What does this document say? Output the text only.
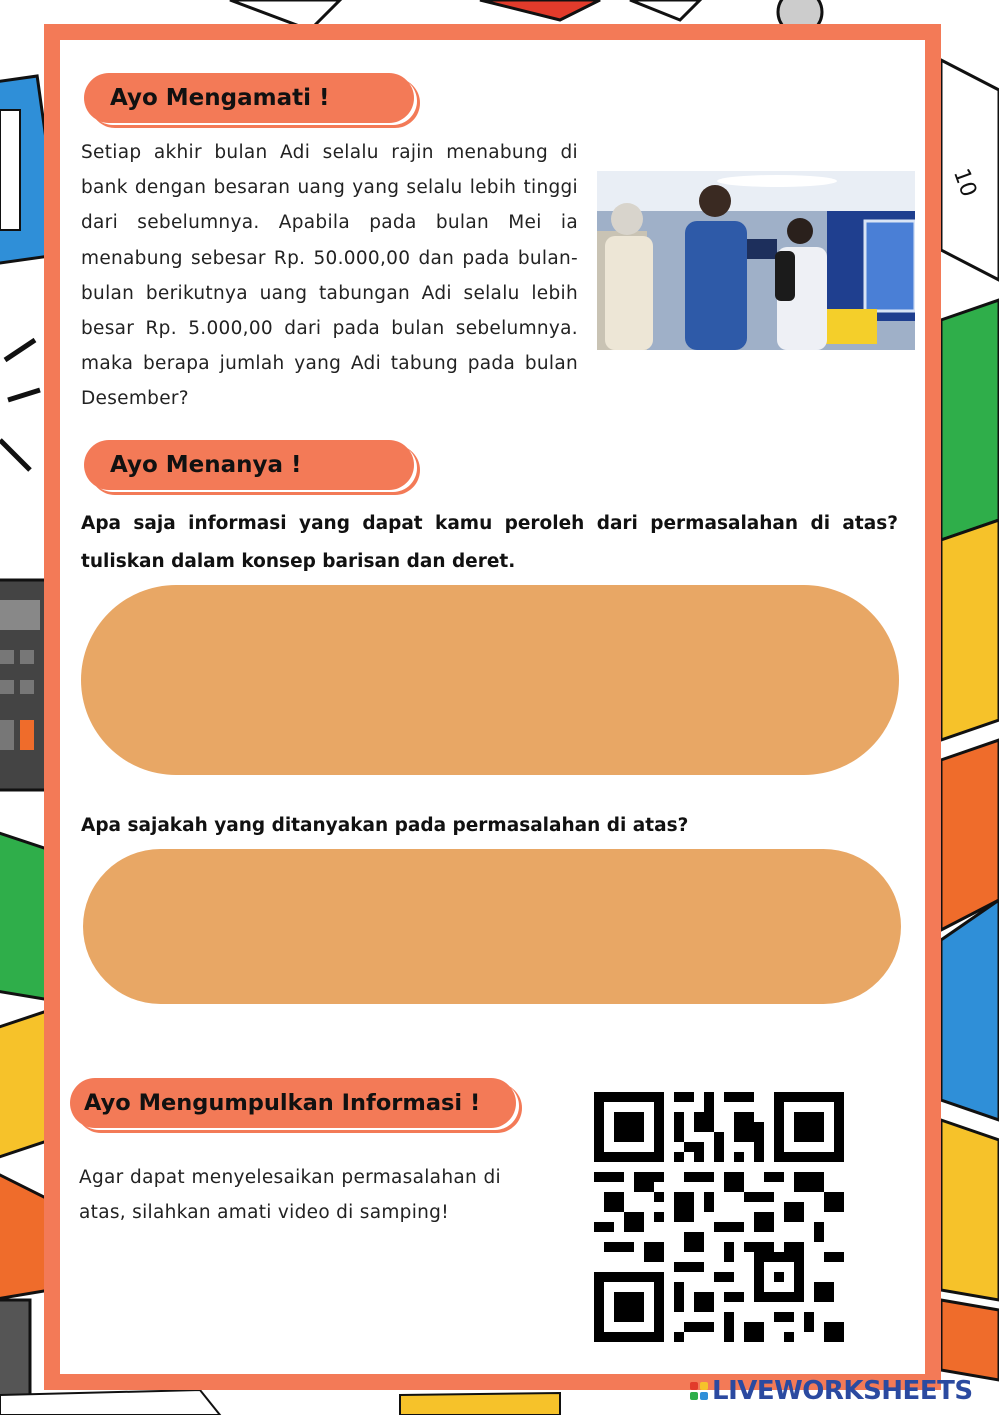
10
Ayo Mengamati !
Setiap akhir bulan Adi selalu rajin menabung di bank dengan besaran uang yang selalu lebih tinggi dari sebelumnya. Apabila pada bulan Mei ia menabung sebesar Rp. 50.000,00 dan pada bulan-bulan berikutnya uang tabungan Adi selalu lebih besar Rp. 5.000,00 dari pada bulan sebelumnya. maka berapa jumlah yang Adi tabung pada bulan Desember?
Ayo Menanya !
Apa saja informasi yang dapat kamu peroleh dari permasalahan di atas? tuliskan dalam konsep barisan dan deret.
Apa sajakah yang ditanyakan pada permasalahan di atas?
Ayo Mengumpulkan Informasi !
Agar dapat menyelesaikan permasalahan di atas, silahkan amati video di samping!
LIVEWORKSHEETS
